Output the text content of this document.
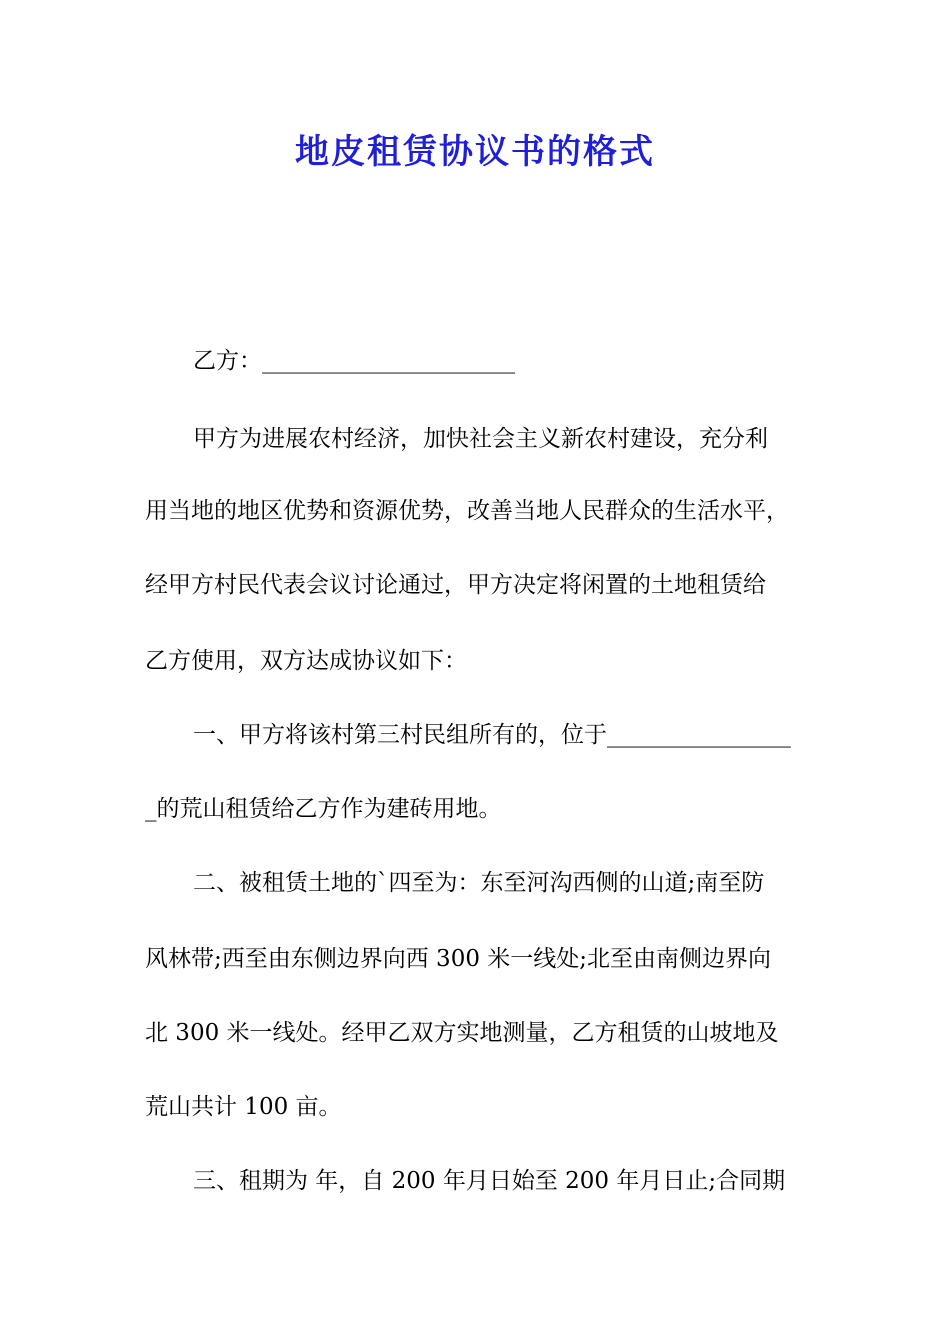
地皮租赁协议书的格式
乙方：______________________
甲方为进展农村经济，加快社会主义新农村建设，充分利
用当地的地区优势和资源优势，改善当地人民群众的生活水平，
经甲方村民代表会议讨论通过，甲方决定将闲置的土地租赁给
乙方使用，双方达成协议如下：
一、甲方将该村第三村民组所有的，位于________________
_的荒山租赁给乙方作为建砖用地。
二、被租赁土地的`四至为：东至河沟西侧的山道;南至防
风林带;西至由东侧边界向西 300 米一线处;北至由南侧边界向
北 300 米一线处。经甲乙双方实地测量，乙方租赁的山坡地及
荒山共计 100 亩。
三、租期为 年，自 200 年月日始至 200 年月日止;合同期
